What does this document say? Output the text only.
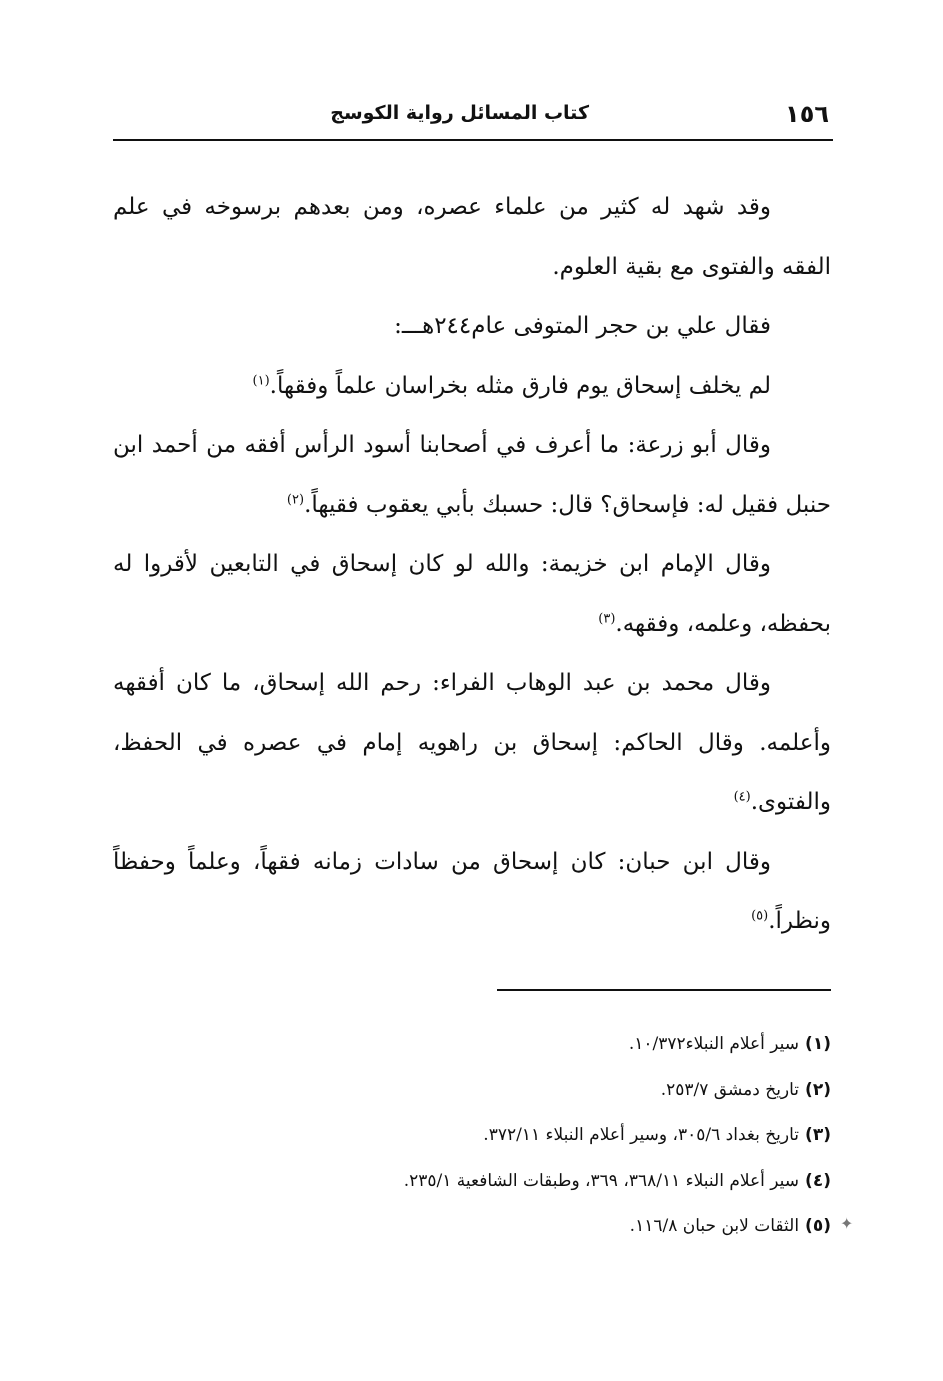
١٥٦
كتاب المسائل رواية الكوسج

وقد شهد له كثير من علماء عصره، ومن بعدهم برسوخه في علم الفقه والفتوى مع بقية العلوم.

فقال علي بن حجر المتوفى عام٢٤٤هـــ:

لم يخلف إسحاق يوم فارق مثله بخراسان علماً وفقهاً.$^{(١)}$

وقال أبو زرعة: ما أعرف في أصحابنا أسود الرأس أفقه من أحمد ابن حنبل فقيل له: فإسحاق؟ قال: حسبك بأبي يعقوب فقيهاً.$^{(٢)}$

وقال الإمام ابن خزيمة: والله لو كان إسحاق في التابعين لأقروا له بحفظه، وعلمه، وفقهه.$^{(٣)}$

وقال محمد بن عبد الوهاب الفراء: رحم الله إسحاق، ما كان أفقهه وأعلمه. وقال الحاكم: إسحاق بن راهويه إمام في عصره في الحفظ، والفتوى.$^{(٤)}$

وقال ابن حبان: كان إسحاق من سادات زمانه فقهاً، وعلماً وحفظاً ونظراً.$^{(٥)}$

(١)سير أعلام النبلاء١٠/٣٧٢.

(٢)تاريخ دمشق ٢٥٣/٧.

(٣)تاريخ بغداد ٣٠٥/٦، وسير أعلام النبلاء ٣٧٢/١١.

(٤)سير أعلام النبلاء ٣٦٨/١١، ٣٦٩، وطبقات الشافعية ٢٣٥/١.

(٥)الثقات لابن حبان ١١٦/٨.	✦
